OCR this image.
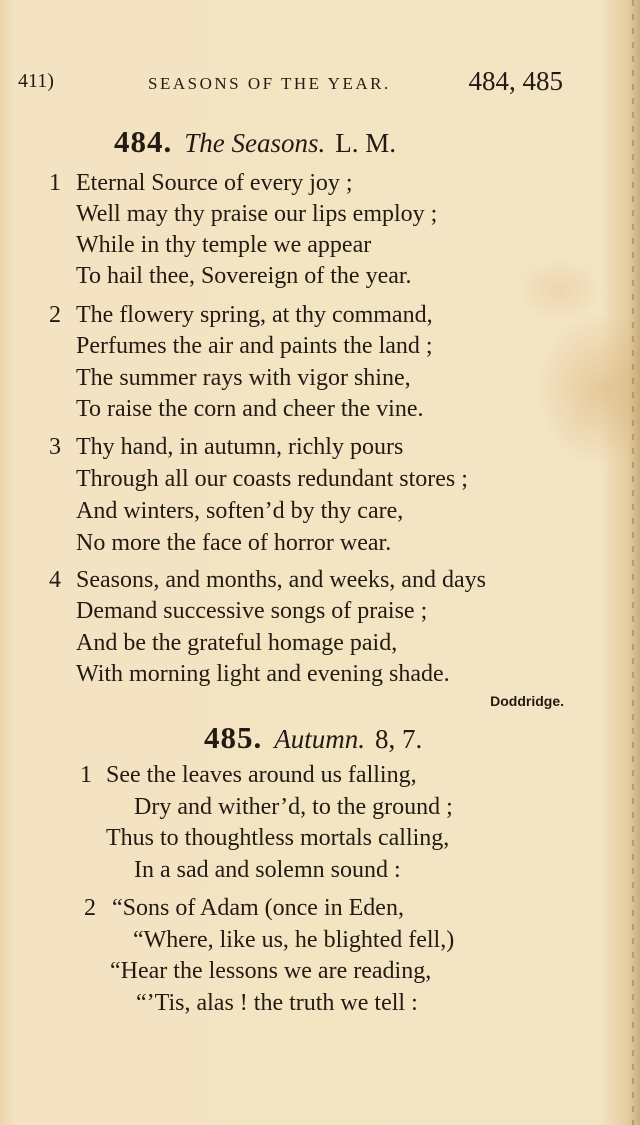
411)	SEASONS OF THE YEAR.	484, 485
484. The Seasons. L. M.
1 Eternal Source of every joy ;
Well may thy praise our lips employ ;
While in thy temple we appear
To hail thee, Sovereign of the year.
2 The flowery spring, at thy command,
Perfumes the air and paints the land ;
The summer rays with vigor shine,
To raise the corn and cheer the vine.
3 Thy hand, in autumn, richly pours
Through all our coasts redundant stores ;
And winters, soften’d by thy care,
No more the face of horror wear.
4 Seasons, and months, and weeks, and days
Demand successive songs of praise ;
And be the grateful homage paid,
With morning light and evening shade.
Doddridge.
485. Autumn. 8, 7.
1 See the leaves around us falling,
Dry and wither’d, to the ground ;
Thus to thoughtless mortals calling,
In a sad and solemn sound :
2 “Sons of Adam (once in Eden,
“Where, like us, he blighted fell,)
“Hear the lessons we are reading,
“’Tis, alas ! the truth we tell :
